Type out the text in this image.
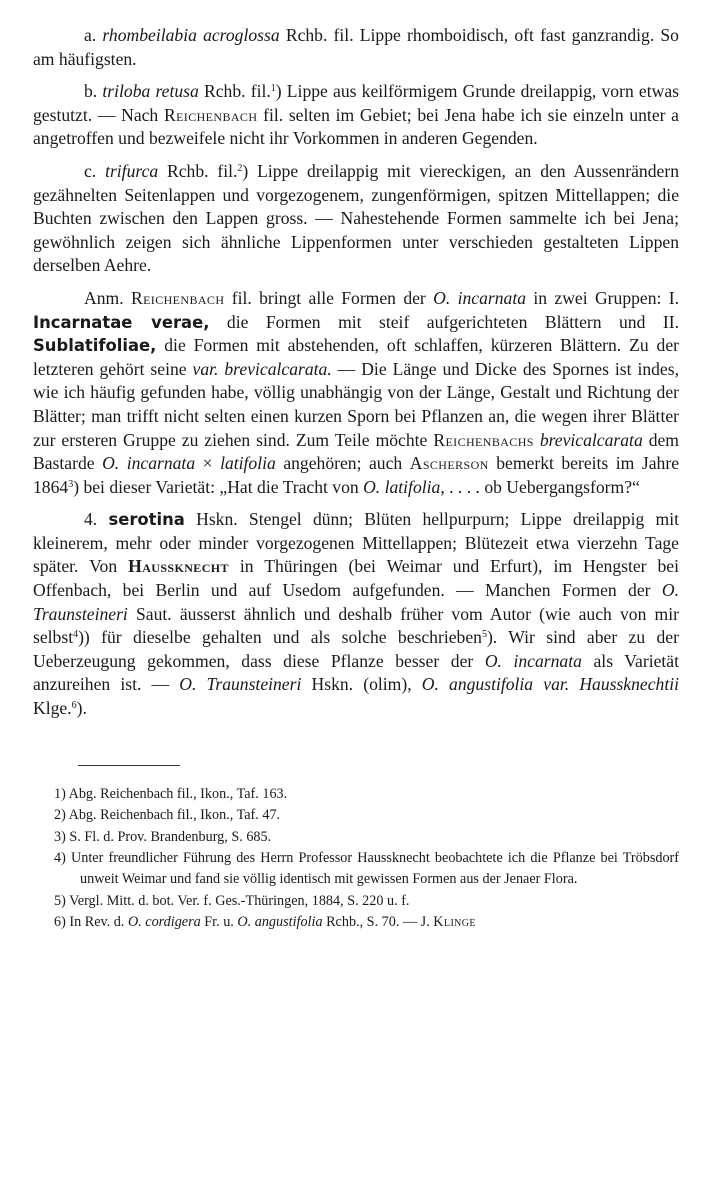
a. rhombeilabia acroglossa Rchb. fil. Lippe rhomboidisch, oft fast ganzrandig. So am häufigsten.

b. triloba retusa Rchb. fil.$^1$) Lippe aus keilförmigem Grunde dreilappig, vorn etwas gestutzt. — Nach Reichenbach fil. selten im Gebiet; bei Jena habe ich sie einzeln unter a angetroffen und bezweifele nicht ihr Vorkommen in anderen Gegenden.

c. trifurca Rchb. fil.$^2$) Lippe dreilappig mit viereckigen, an den Aussenrändern gezähnelten Seitenlappen und vorgezogenem, zungenförmigen, spitzen Mittellappen; die Buchten zwischen den Lappen gross. — Nahestehende Formen sammelte ich bei Jena; gewöhnlich zeigen sich ähnliche Lippenformen unter verschieden gestalteten Lippen derselben Aehre.

Anm. Reichenbach fil. bringt alle Formen der O. incarnata in zwei Gruppen: I. Incarnatae verae, die Formen mit steif aufgerichteten Blättern und II. Sublatifoliae, die Formen mit abstehenden, oft schlaffen, kürzeren Blättern. Zu der letzteren gehört seine var. brevicalcarata. — Die Länge und Dicke des Spornes ist indes, wie ich häufig gefunden habe, völlig unabhängig von der Länge, Gestalt und Richtung der Blätter; man trifft nicht selten einen kurzen Sporn bei Pflanzen an, die wegen ihrer Blätter zur ersteren Gruppe zu ziehen sind. Zum Teile möchte Reichenbachs brevicalcarata dem Bastarde O. incarnata × latifolia angehören; auch Ascherson bemerkt bereits im Jahre 1864$^3$) bei dieser Varietät: „Hat die Tracht von O. latifolia, . . . . ob Uebergangsform?“

4. serotina Hskn. Stengel dünn; Blüten hellpurpurn; Lippe dreilappig mit kleinerem, mehr oder minder vorgezogenen Mittellappen; Blütezeit etwa vierzehn Tage später. Von Haussknecht in Thüringen (bei Weimar und Erfurt), im Hengster bei Offenbach, bei Berlin und auf Usedom aufgefunden. — Manchen Formen der O. Traunsteineri Saut. äusserst ähnlich und deshalb früher vom Autor (wie auch von mir selbst$^4$)) für dieselbe gehalten und als solche beschrieben$^5$). Wir sind aber zu der Ueberzeugung gekommen, dass diese Pflanze besser der O. incarnata als Varietät anzureihen ist. — O. Traunsteineri Hskn. (olim), O. angustifolia var. Haussknechtii Klge.$^6$).

1) Abg. Reichenbach fil., Ikon., Taf. 163.

2) Abg. Reichenbach fil., Ikon., Taf. 47.

3) S. Fl. d. Prov. Brandenburg, S. 685.

4) Unter freundlicher Führung des Herrn Professor Haussknecht beobachtete ich die Pflanze bei Tröbsdorf unweit Weimar und fand sie völlig identisch mit gewissen Formen aus der Jenaer Flora.

5) Vergl. Mitt. d. bot. Ver. f. Ges.-Thüringen, 1884, S. 220 u. f.

6) In Rev. d. O. cordigera Fr. u. O. angustifolia Rchb., S. 70. — J. Klinge
